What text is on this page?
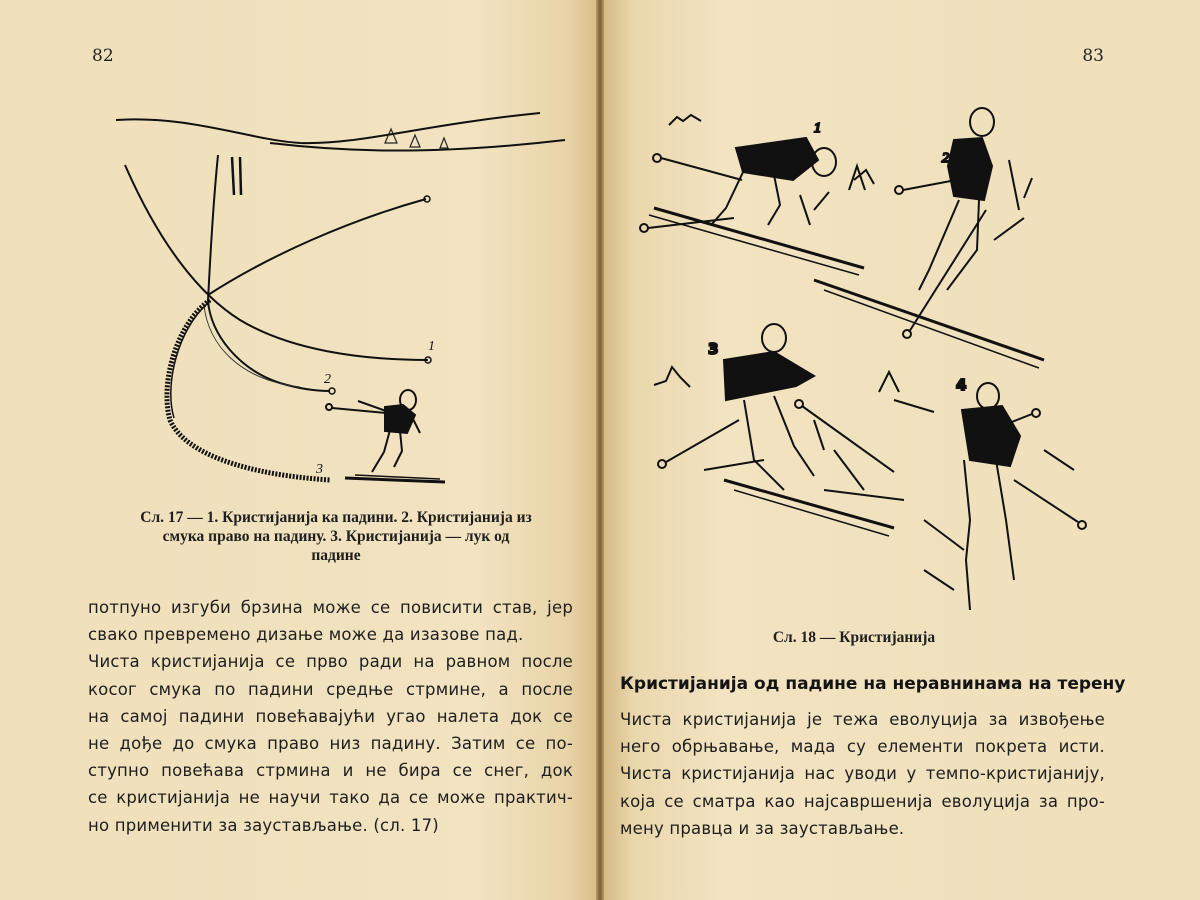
82
1
2
3
Сл. 17 — 1. Кристијанија ка падини. 2. Кристијанија из
смука право на падину. 3. Кристијанија — лук од
падине
потпуно изгуби брзина може се повисити став, јер
свако превремено дизање може да изазове пад.
Чиста кристијанија се прво ради на равном после
косог смука по падини средње стрмине, а после
на самој падини повећавајући угао налета док се
не дође до смука право низ падину. Затим се по-
ступно повећава стрмина и не бира се снег, док
се кристијанија не научи тако да се може практич-
но применити за заустављање. (сл. 17)
83
1
2
3
4
Сл. 18 — Кристијанија
Кристијанија од падине на неравнинама на терену
Чиста кристијанија је тежа еволуција за извођење
него обрњавање, мада су елементи покрета исти.
Чиста кристијанија нас уводи у темпо-кристијанију,
која се сматра као најсавршенија еволуција за про-
мену правца и за заустављање.
